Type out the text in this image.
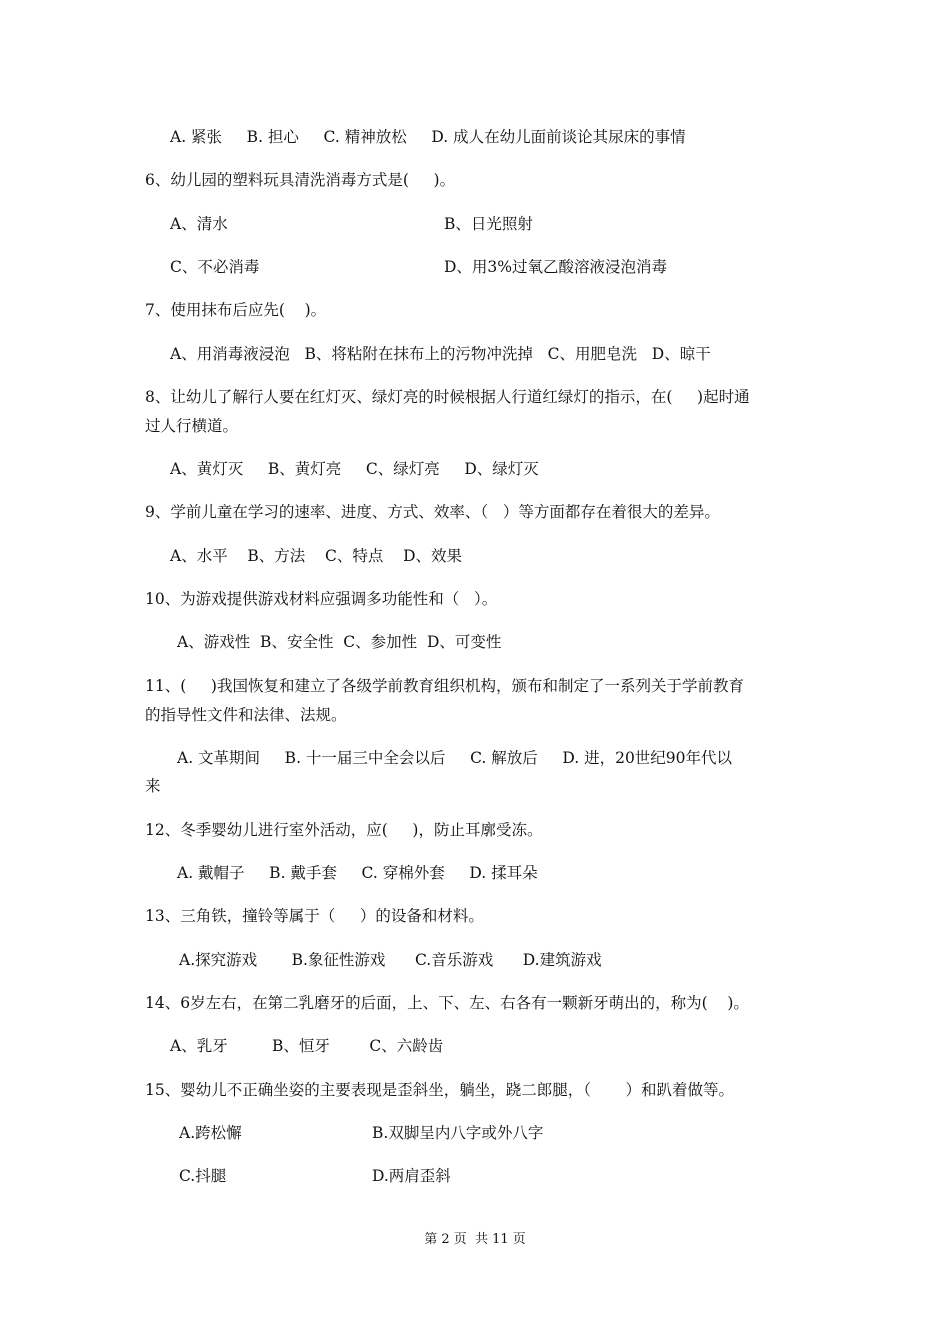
A. 紧张     B. 担心     C. 精神放松     D. 成人在幼儿面前谈论其尿床的事情
6、幼儿园的塑料玩具清洗消毒方式是(     )。
A、清水	B、日光照射
C、不必消毒	D、用3%过氧乙酸溶液浸泡消毒
7、使用抹布后应先(    )。
A、用消毒液浸泡   B、将粘附在抹布上的污物冲洗掉   C、用肥皂洗   D、晾干
8、让幼儿了解行人要在红灯灭、绿灯亮的时候根据人行道红绿灯的指示，在(     )起时通
过人行横道。
A、黄灯灭     B、黄灯亮     C、绿灯亮     D、绿灯灭
9、学前儿童在学习的速率、进度、方式、效率、（   ）等方面都存在着很大的差异。
A、水平    B、方法    C、特点    D、效果
10、为游戏提供游戏材料应强调多功能性和（   ）。
A、游戏性  B、安全性  C、参加性  D、可变性
11、(     )我国恢复和建立了各级学前教育组织机构，颁布和制定了一系列关于学前教育
的指导性文件和法律、法规。
A. 文革期间     B. 十一届三中全会以后     C. 解放后     D. 进，20世纪90年代以
来
12、冬季婴幼儿进行室外活动，应(     )，防止耳廓受冻。
A. 戴帽子     B. 戴手套     C. 穿棉外套     D. 揉耳朵
13、三角铁，撞铃等属于（     ）的设备和材料。
A.探究游戏       B.象征性游戏      C.音乐游戏      D.建筑游戏
14、6岁左右，在第二乳磨牙的后面，上、下、左、右各有一颗新牙萌出的，称为(    )。
A、乳牙         B、恒牙        C、六龄齿
15、婴幼儿不正确坐姿的主要表现是歪斜坐，躺坐，跷二郎腿，（       ）和趴着做等。
A.跨松懈	B.双脚呈内八字或外八字
C.抖腿	D.两肩歪斜
第 2 页  共 11 页
